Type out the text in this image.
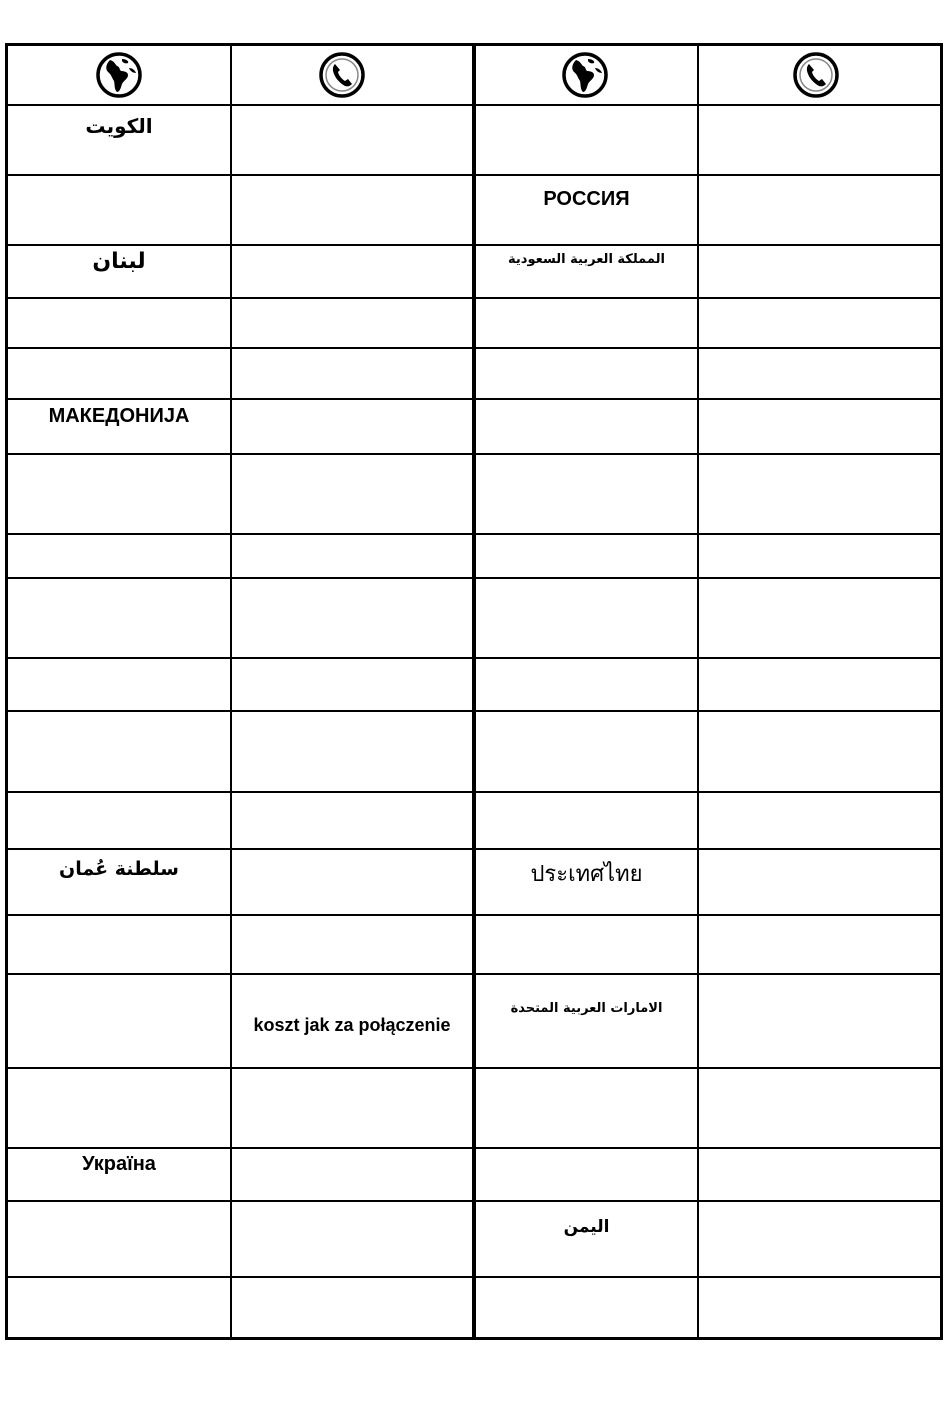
الكويت
لبنان
МАКЕДОНИЈА
سلطنة عُمان
Україна
koszt jak za połączenie
РОССИЯ
المملكة العربية السعودية
ประเทศไทย
الامارات العربية المتحدة
اليمن
